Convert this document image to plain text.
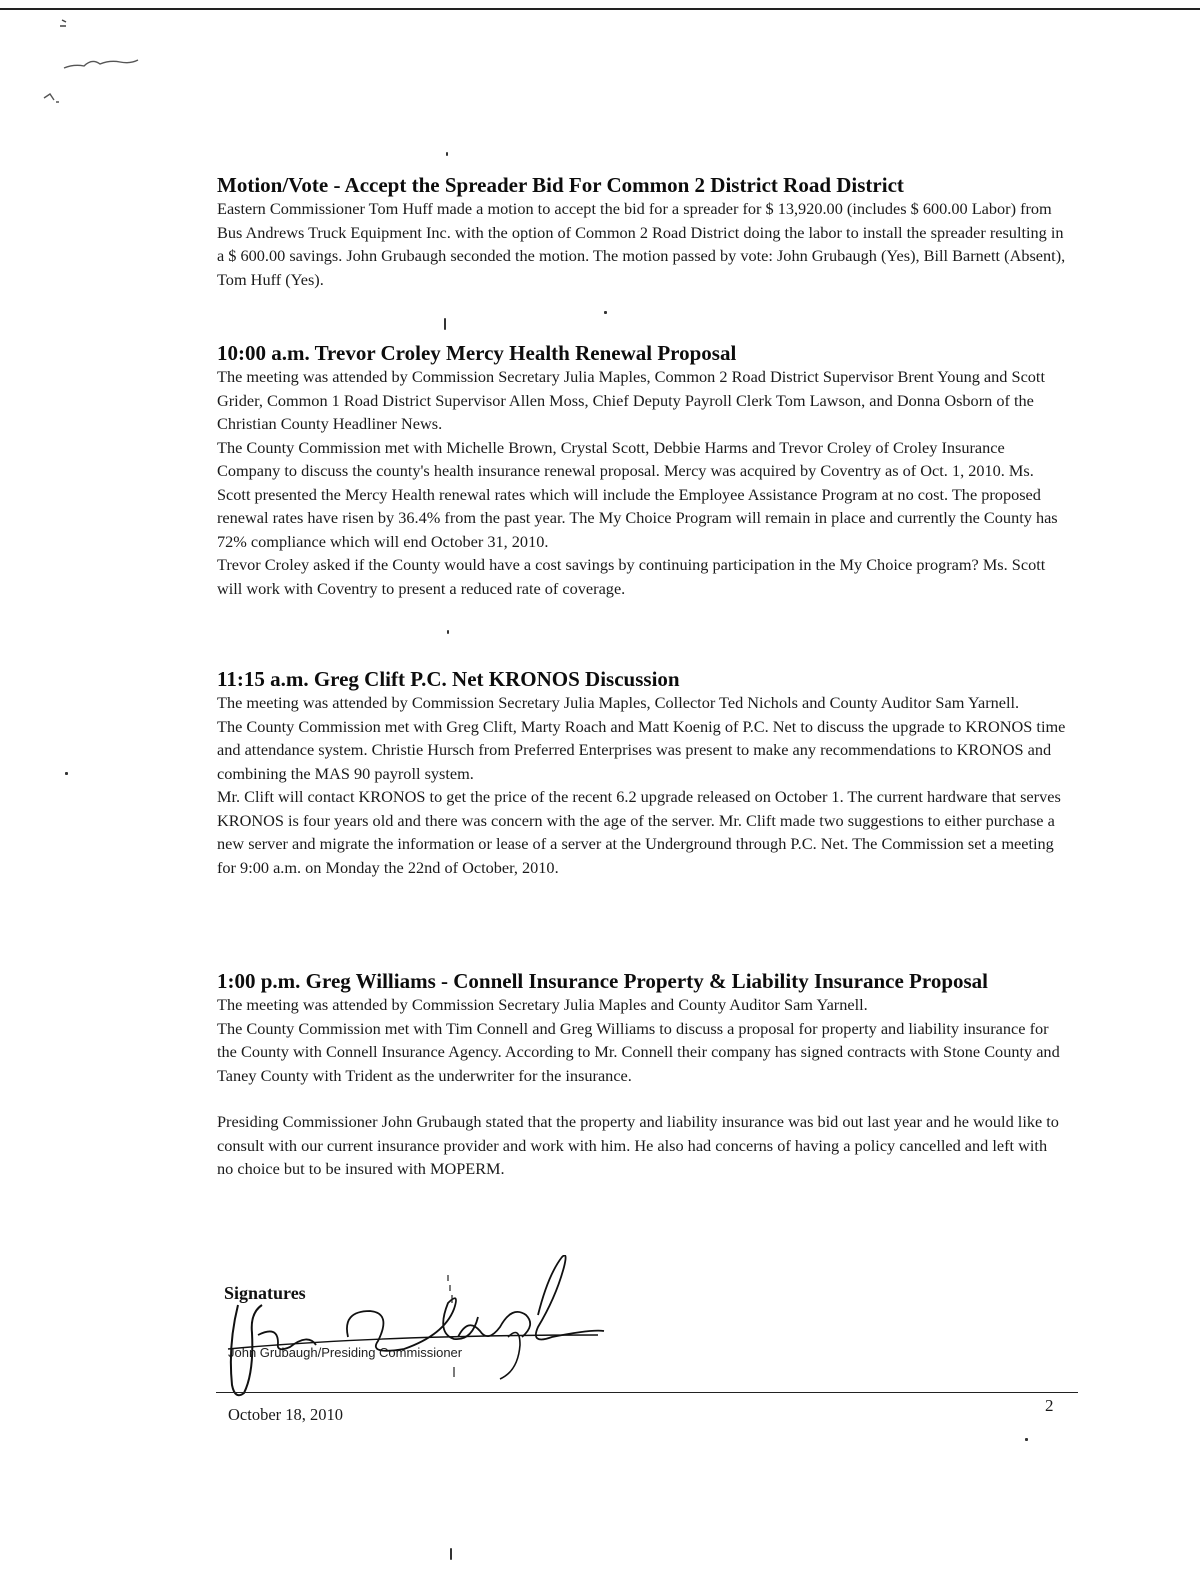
Motion/Vote - Accept the Spreader Bid For Common 2 District Road District

Eastern Commissioner Tom Huff made a motion to accept the bid for a spreader for $ 13,920.00 (includes $ 600.00 Labor) from Bus Andrews Truck Equipment Inc. with the option of Common 2 Road District doing the labor to install the spreader resulting in a $ 600.00 savings. John Grubaugh seconded the motion. The motion passed by vote: John Grubaugh (Yes), Bill Barnett (Absent), Tom Huff (Yes).

10:00 a.m. Trevor Croley Mercy Health Renewal Proposal

The meeting was attended by Commission Secretary Julia Maples, Common 2 Road District Supervisor Brent Young and Scott Grider, Common 1 Road District Supervisor Allen Moss, Chief Deputy Payroll Clerk Tom Lawson, and Donna Osborn of the Christian County Headliner News.

The County Commission met with Michelle Brown, Crystal Scott, Debbie Harms and Trevor Croley of Croley Insurance Company to discuss the county's health insurance renewal proposal. Mercy was acquired by Coventry as of Oct. 1, 2010. Ms. Scott presented the Mercy Health renewal rates which will include the Employee Assistance Program at no cost. The proposed renewal rates have risen by 36.4% from the past year. The My Choice Program will remain in place and currently the County has 72% compliance which will end October 31, 2010.

Trevor Croley asked if the County would have a cost savings by continuing participation in the My Choice program? Ms. Scott will work with Coventry to present a reduced rate of coverage.

11:15 a.m. Greg Clift P.C. Net KRONOS Discussion

The meeting was attended by Commission Secretary Julia Maples, Collector Ted Nichols and County Auditor Sam Yarnell.

The County Commission met with Greg Clift, Marty Roach and Matt Koenig of P.C. Net to discuss the upgrade to KRONOS time and attendance system. Christie Hursch from Preferred Enterprises was present to make any recommendations to KRONOS and combining the MAS 90 payroll system.

Mr. Clift will contact KRONOS to get the price of the recent 6.2 upgrade released on October 1. The current hardware that serves KRONOS is four years old and there was concern with the age of the server. Mr. Clift made two suggestions to either purchase a new server and migrate the information or lease of a server at the Underground through P.C. Net. The Commission set a meeting for 9:00 a.m. on Monday the 22nd of October, 2010.

1:00 p.m. Greg Williams - Connell Insurance Property & Liability Insurance Proposal

The meeting was attended by Commission Secretary Julia Maples and County Auditor Sam Yarnell.

The County Commission met with Tim Connell and Greg Williams to discuss a proposal for property and liability insurance for the County with Connell Insurance Agency. According to Mr. Connell their company has signed contracts with Stone County and Taney County with Trident as the underwriter for the insurance.

Presiding Commissioner John Grubaugh stated that the property and liability insurance was bid out last year and he would like to consult with our current insurance provider and work with him. He also had concerns of having a policy cancelled and left with no choice but to be insured with MOPERM.

Signatures
John Grubaugh/Presiding Commissioner
October 18, 2010	2
